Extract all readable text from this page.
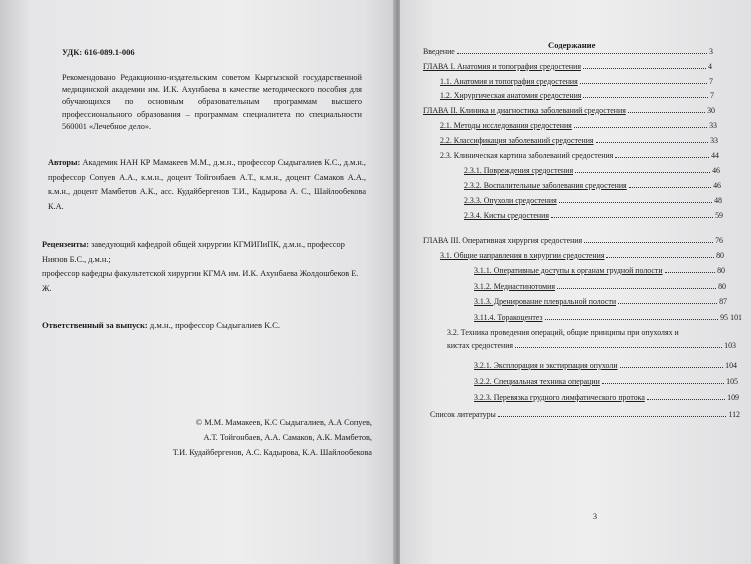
УДК: 616-089.1-006
Рекомендовано Редакционно-издательским советом Кыргызской государственной медицинской академии им. И.К. Ахунбаева в качестве методического пособия для обучающихся по основным образовательным программам высшего профессионального образования – программам специалитета по специальности 560001 «Лечебное дело».
Авторы: Академик НАН КР Мамакеев М.М., д.м.н., профессор Сыдыгалиев К.С., д.м.н., профессор Сопуев А.А., к.м.н., доцент Тойгонбаев А.Т., к.м.н., доцент Самаков А.А., к.м.н., доцент Мамбетов А.К., асс. Кудайбергенов Т.И., Кадырова А. С., Шайлообекова К.А.

Рецензенты: заведующий кафедрой общей хирургии КГМИПиПК, д.м.н., профессор Ниязов Б.С., д.м.н.;

профессор кафедры факультетской хирургии КГМА им. И.К. Ахунбаева Жолдошбеков Е. Ж.

Ответственный за выпуск: д.м.н., профессор Сыдыгалиев К.С.
© М.М. Мамакеев, К.С Сыдыгалиев, А.А Сопуев,
А.Т. Тойгонбаев, А.А. Самаков, А.К. Мамбетов,
Т.И. Кудайбергенов, А.С. Кадырова, К.А. Шайлообекова
Содержание
Введение	3
ГЛАВА I. Анатомия и топография средостения	4
1.1. Анатомия и топография средостения	7
1.2. Хирургическая анатомия средостения	7
ГЛАВА II. Клиника и диагностика заболеваний средостения	30
2.1. Методы исследования средостения	33
2.2. Классификация заболеваний средостения	33
2.3. Клиническая картина заболеваний средостения	44
2.3.1. Повреждения средостения	46
2.3.2. Воспалительные заболевания средостения	46
2.3.3. Опухоли средостения	48
2.3.4. Кисты средостения	59
ГЛАВА III. Оперативная хирургия средостения	76
3.1. Общие направления в хирургии средостения	80
3.1.1. Оперативные доступы к органам грудной полости	80
3.1.2. Медиастинотомия	80
3.1.3. Дренирование плевральной полости	87
3.11.4. Торакоцентез	95 101
3.2. Техника проведения операций, общие принципы при опухолях и
кистах средостения	103
3.2.1. Эксплорация и экстирпация опухоли	104
3.2.2. Специальная техника операции	105
3.2.3. Перевязка грудного лимфатического протока	109
Список литературы	112
3
